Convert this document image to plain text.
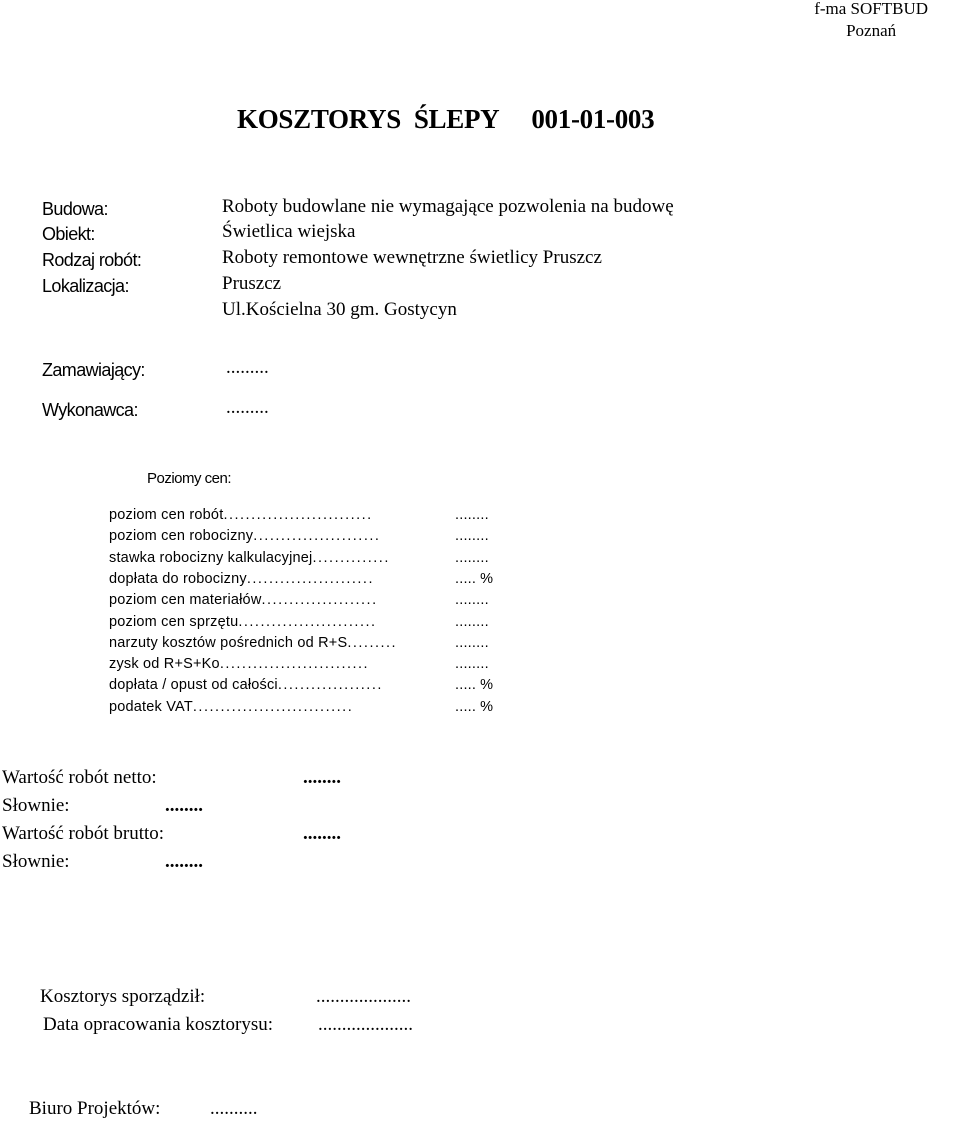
f-ma SOFTBUD
Poznań
KOSZTORYS  ŚLEPY 001-01-003
Budowa:	Roboty budowlane nie wymagające pozwolenia na budowę
Obiekt:	Świetlica wiejska
Rodzaj robót:	Roboty remontowe wewnętrzne świetlicy Pruszcz
Lokalizacja:	Pruszcz
Ul.Kościelna 30 gm. Gostycyn
Zamawiający:	.........
Wykonawca:	.........
Poziomy cen:
poziom cen robót...........................	........
poziom cen robocizny.......................	........
stawka robocizny kalkulacyjnej..............	........
dopłata do robocizny.......................	..... %
poziom cen materiałów.....................	........
poziom cen sprzętu.........................	........
narzuty kosztów pośrednich od R+S.........	........
zysk od R+S+Ko...........................	........
dopłata / opust od całości...................	..... %
podatek VAT.............................	..... %
Wartość robót netto:	........
Słownie:	........
Wartość robót brutto:	........
Słownie:	........
Kosztorys sporządził:	....................
Data opracowania kosztorysu: ....................
Biuro Projektów:	..........
